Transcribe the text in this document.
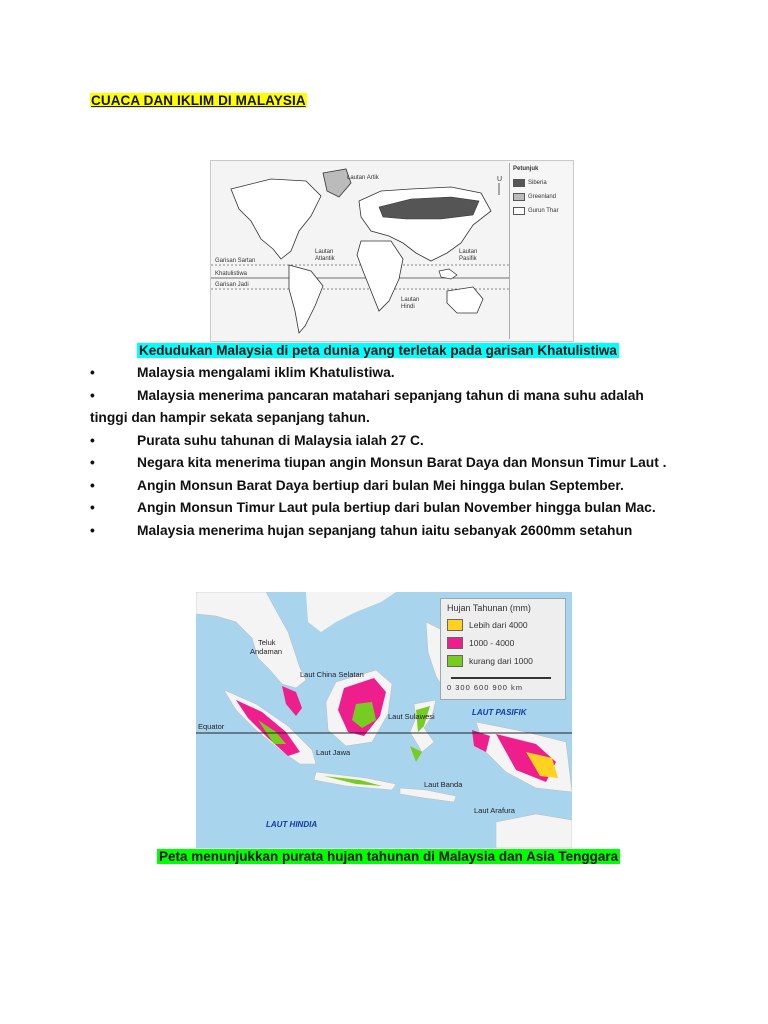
CUACA DAN IKLIM DI MALAYSIA
U
Lautan Artik
Lautan
Atlantik
Lautan
Pasifik
Lautan
Hindi
Garisan Sartan
Khatulistiwa
Garisan Jadi
Petunjuk
Siberia
Greenland
Gurun Thar
Kedudukan Malaysia di peta dunia yang terletak pada garisan Khatulistiwa
•	Malaysia mengalami iklim Khatulistiwa.
•	Malaysia menerima pancaran matahari sepanjang tahun di mana suhu adalah
tinggi dan hampir sekata sepanjang tahun.
•	Purata suhu tahunan di Malaysia ialah 27 C.
•	Negara kita menerima tiupan angin Monsun Barat Daya dan Monsun Timur Laut .
•	Angin Monsun Barat Daya bertiup dari bulan Mei hingga bulan September.
•	Angin Monsun Timur Laut pula bertiup dari bulan November hingga bulan Mac.
•	Malaysia menerima hujan sepanjang tahun iaitu sebanyak 2600mm setahun
Hujan Tahunan (mm)
Lebih dari 4000
1000 - 4000
kurang dari 1000
0 300 600 900 km
Teluk
Andaman
Laut China Selatan
Equator
Laut Sulawesi	LAUT PASIFIK
Laut Jawa
Laut Banda
Laut Arafura
LAUT HINDIA
Peta menunjukkan purata hujan tahunan di Malaysia dan Asia Tenggara
